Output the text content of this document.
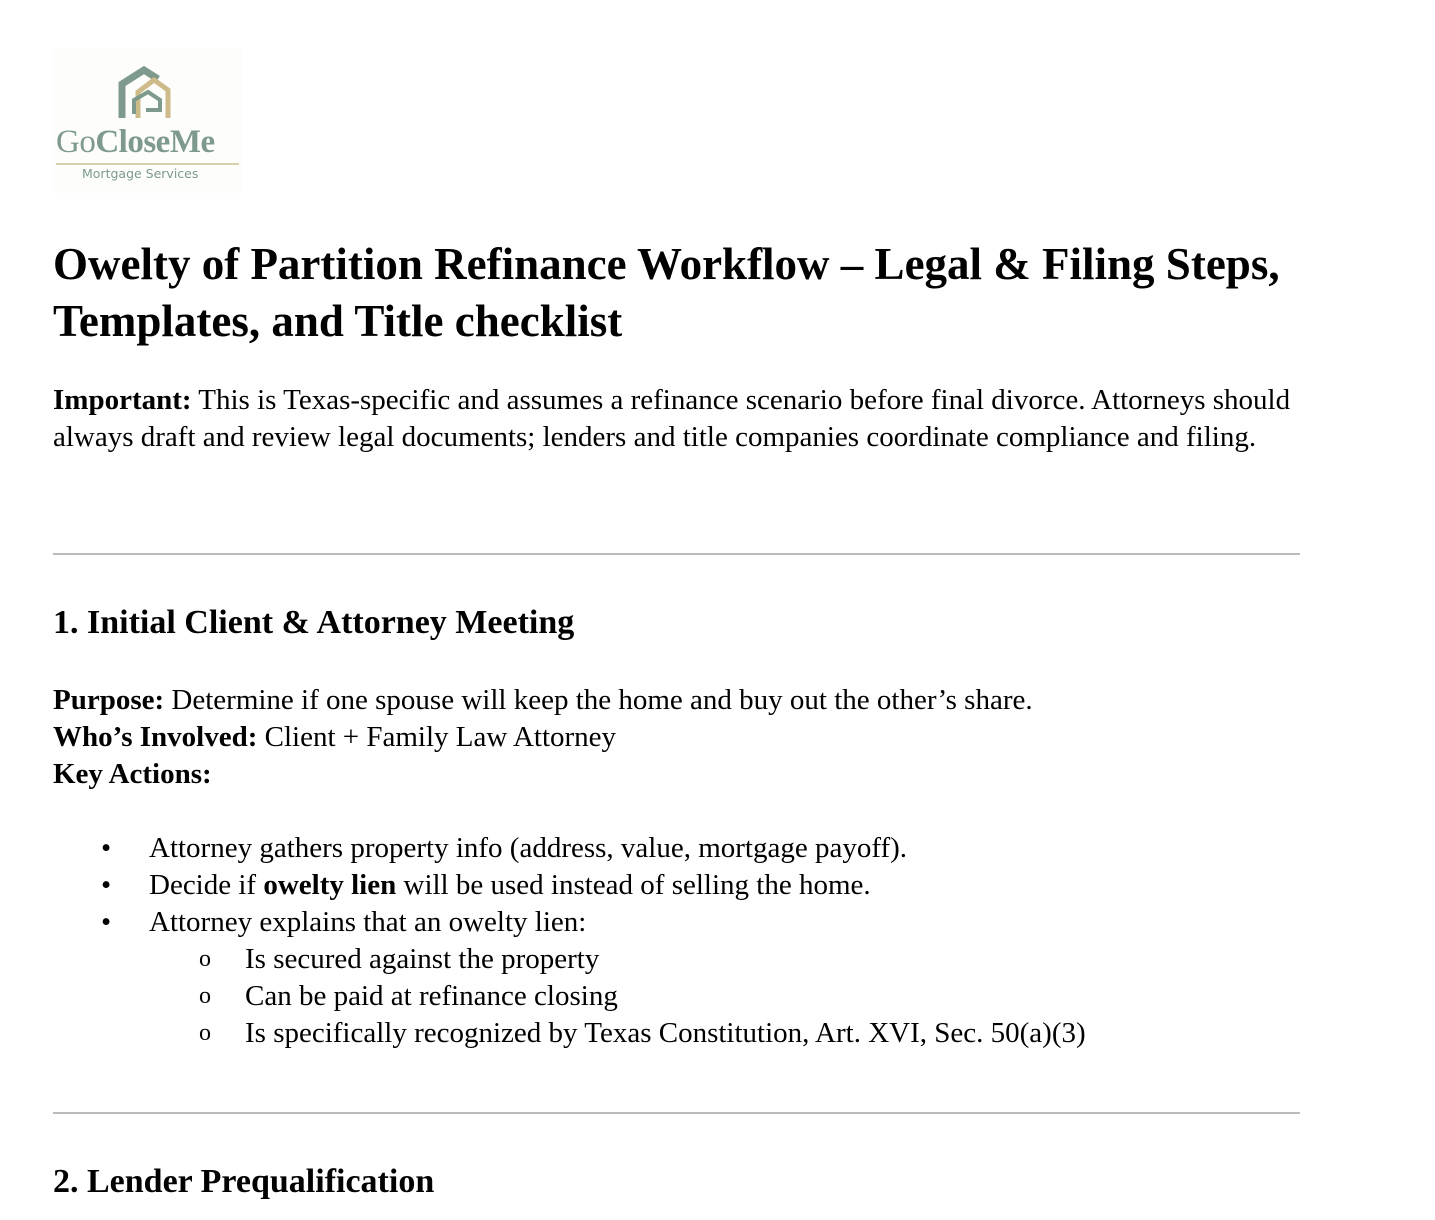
GoCloseMe
Mortgage Services
Owelty of Partition Refinance Workflow – Legal & Filing Steps, Templates, and Title checklist
Important: This is Texas-specific and assumes a refinance scenario before final divorce. Attorneys should always draft and review legal documents; lenders and title companies coordinate compliance and filing.
1. Initial Client & Attorney Meeting
Purpose: Determine if one spouse will keep the home and buy out the other’s share.
Who’s Involved: Client + Family Law Attorney
Key Actions:
• Attorney gathers property info (address, value, mortgage payoff).
• Decide if owelty lien will be used instead of selling the home.
• Attorney explains that an owelty lien:
o Is secured against the property
o Can be paid at refinance closing
o Is specifically recognized by Texas Constitution, Art. XVI, Sec. 50(a)(3)
2. Lender Prequalification
